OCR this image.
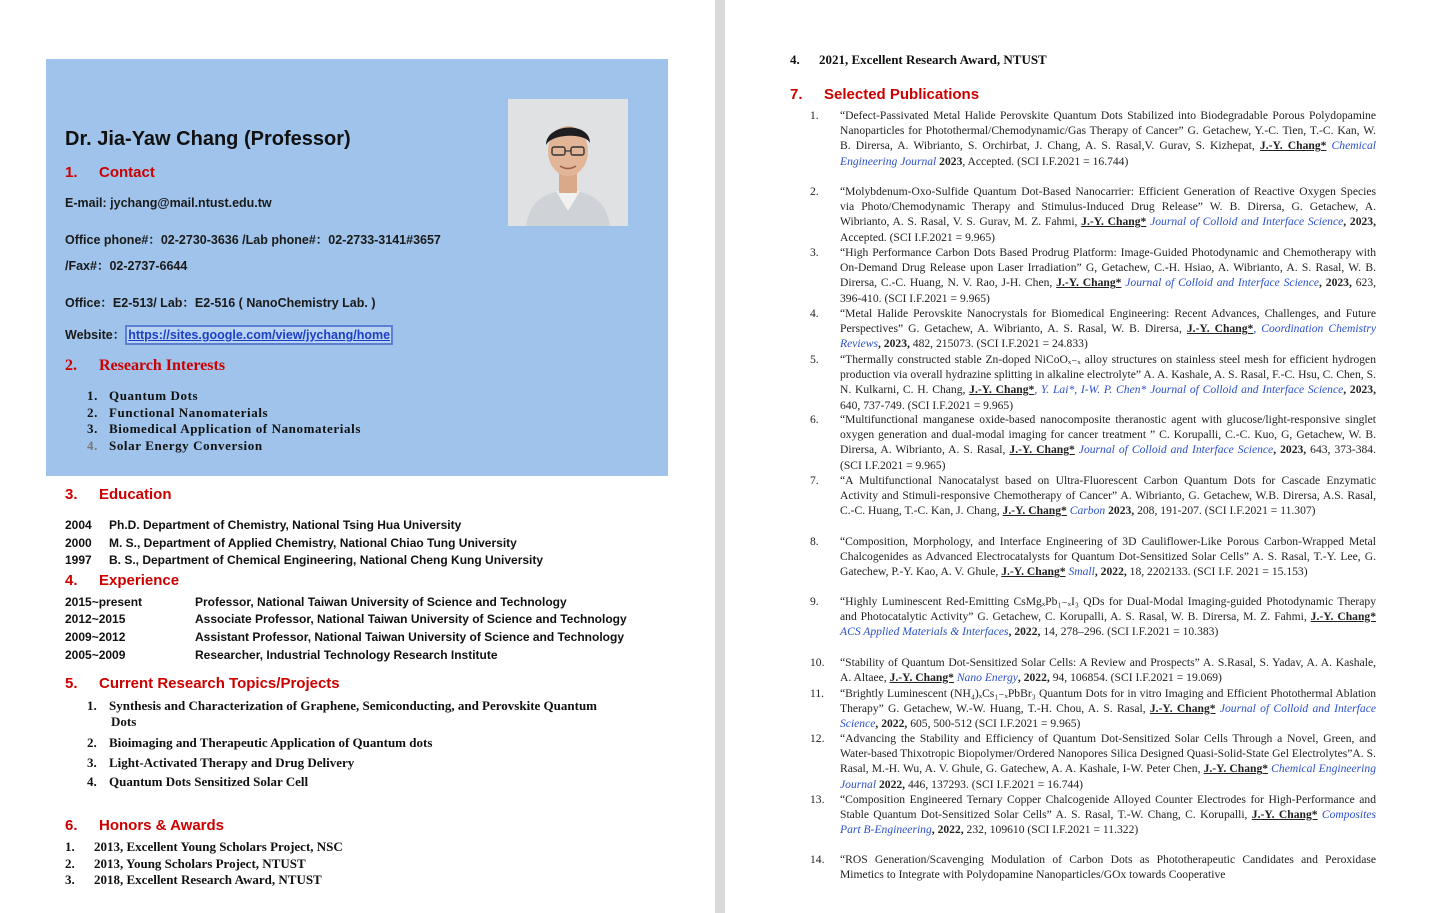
Dr. Jia-Yaw Chang (Professor)
1. Contact
E-mail: jychang@mail.ntust.edu.tw
Office phone#：02-2730-3636 /Lab phone#：02-2733-3141#3657
/Fax#：02-2737-6644
Office：E2-513/ Lab：E2-516 ( NanoChemistry Lab. )
Website： https://sites.google.com/view/jychang/home
2. Research Interests
1. Quantum Dots
2. Functional Nanomaterials
3. Biomedical Application of Nanomaterials
4. Solar Energy Conversion
3. Education
2004 Ph.D. Department of Chemistry, National Tsing Hua University
2000 M. S., Department of Applied Chemistry, National Chiao Tung University
1997 B. S., Department of Chemical Engineering, National Cheng Kung University
4. Experience
2015~present	Professor, National Taiwan University of Science and Technology
2012~2015	Associate Professor, National Taiwan University of Science and Technology
2009~2012	Assistant Professor, National Taiwan University of Science and Technology
2005~2009	Researcher, Industrial Technology Research Institute
5. Current Research Topics/Projects
1. Synthesis and Characterization of Graphene, Semiconducting, and Perovskite Quantum
Dots
2. Bioimaging and Therapeutic Application of Quantum dots
3. Light-Activated Therapy and Drug Delivery
4. Quantum Dots Sensitized Solar Cell
6. Honors & Awards
1. 2013, Excellent Young Scholars Project, NSC
2. 2013, Young Scholars Project, NTUST
3. 2018, Excellent Research Award, NTUST
4. 2021, Excellent Research Award, NTUST
7. Selected Publications
1.	“Defect-Passivated Metal Halide Perovskite Quantum Dots Stabilized into Biodegradable Porous Polydopamine Nanoparticles for Photothermal/Chemodynamic/Gas Therapy of Cancer” G. Getachew, Y.-C. Tien, T.-C. Kan, W. B. Dirersa, A. Wibrianto, S. Orchirbat, J. Chang, A. S. Rasal,V. Gurav, S. Kizhepat, J.-Y. Chang* Chemical Engineering Journal 2023, Accepted. (SCI I.F.2021 = 16.744)
2.	“Molybdenum-Oxo-Sulfide Quantum Dot-Based Nanocarrier: Efficient Generation of Reactive Oxygen Species via Photo/Chemodynamic Therapy and Stimulus-Induced Drug Release” W. B. Dirersa, G. Getachew, A. Wibrianto, A. S. Rasal, V. S. Gurav, M. Z. Fahmi, J.-Y. Chang* Journal of Colloid and Interface Science, 2023, Accepted. (SCI I.F.2021 = 9.965)
3.	“High Performance Carbon Dots Based Prodrug Platform: Image-Guided Photodynamic and Chemotherapy with On-Demand Drug Release upon Laser Irradiation” G, Getachew, C.-H. Hsiao, A. Wibrianto, A. S. Rasal, W. B. Dirersa, C.-C. Huang, N. V. Rao, J-H. Chen, J.-Y. Chang* Journal of Colloid and Interface Science, 2023, 623, 396-410. (SCI I.F.2021 = 9.965)
4.	“Metal Halide Perovskite Nanocrystals for Biomedical Engineering: Recent Advances, Challenges, and Future Perspectives” G. Getachew, A. Wibrianto, A. S. Rasal, W. B. Dirersa, J.-Y. Chang*, Coordination Chemistry Reviews, 2023, 482, 215073. (SCI I.F.2021 = 24.833)
5.	“Thermally constructed stable Zn-doped NiCoOₓ₋ₓ alloy structures on stainless steel mesh for efficient hydrogen production via overall hydrazine splitting in alkaline electrolyte” A. A. Kashale, A. S. Rasal, F.-C. Hsu, C. Chen, S. N. Kulkarni, C. H. Chang, J.-Y. Chang*, Y. Lai*, I-W. P. Chen* Journal of Colloid and Interface Science, 2023, 640, 737-749. (SCI I.F.2021 = 9.965)
6.	“Multifunctional manganese oxide-based nanocomposite theranostic agent with glucose/light-responsive singlet oxygen generation and dual-modal imaging for cancer treatment ” C. Korupalli, C.-C. Kuo, G, Getachew, W. B. Dirersa, A. Wibrianto, A. S. Rasal, J.-Y. Chang* Journal of Colloid and Interface Science, 2023, 643, 373-384. (SCI I.F.2021 = 9.965)
7.	“A Multifunctional Nanocatalyst based on Ultra-Fluorescent Carbon Quantum Dots for Cascade Enzymatic Activity and Stimuli-responsive Chemotherapy of Cancer” A. Wibrianto, G. Getachew, W.B. Dirersa, A.S. Rasal, C.-C. Huang, T.-C. Kan, J. Chang, J.-Y. Chang* Carbon 2023, 208, 191-207. (SCI I.F.2021 = 11.307)
8.	“Composition, Morphology, and Interface Engineering of 3D Cauliflower-Like Porous Carbon-Wrapped Metal Chalcogenides as Advanced Electrocatalysts for Quantum Dot-Sensitized Solar Cells” A. S. Rasal, T.-Y. Lee, G. Gatechew, P.-Y. Kao, A. V. Ghule, J.-Y. Chang* Small, 2022, 18, 2202133. (SCI I.F. 2021 = 15.153)
9.	“Highly Luminescent Red-Emitting CsMgₓPb₁₋ₓI₃ QDs for Dual-Modal Imaging-guided Photodynamic Therapy and Photocatalytic Activity” G. Getachew, C. Korupalli, A. S. Rasal, W. B. Dirersa, M. Z. Fahmi, J.-Y. Chang* ACS Applied Materials & Interfaces, 2022, 14, 278–296. (SCI I.F.2021 = 10.383)
10.	“Stability of Quantum Dot-Sensitized Solar Cells: A Review and Prospects” A. S.Rasal, S. Yadav, A. A. Kashale, A. Altaee, J.-Y. Chang* Nano Energy, 2022, 94, 106854. (SCI I.F.2021 = 19.069)
11.	“Brightly Luminescent (NH₄)ₓCs₁₋ₓPbBr₃ Quantum Dots for in vitro Imaging and Efficient Photothermal Ablation Therapy” G. Getachew, W.-W. Huang, T.-H. Chou, A. S. Rasal, J.-Y. Chang* Journal of Colloid and Interface Science, 2022, 605, 500-512 (SCI I.F.2021 = 9.965)
12.	“Advancing the Stability and Efficiency of Quantum Dot-Sensitized Solar Cells Through a Novel, Green, and Water-based Thixotropic Biopolymer/Ordered Nanopores Silica Designed Quasi-Solid-State Gel Electrolytes”A. S. Rasal, M.-H. Wu, A. V. Ghule, G. Gatechew, A. A. Kashale, I-W. Peter Chen, J.-Y. Chang* Chemical Engineering Journal 2022, 446, 137293. (SCI I.F.2021 = 16.744)
13.	“Composition Engineered Ternary Copper Chalcogenide Alloyed Counter Electrodes for High-Performance and Stable Quantum Dot-Sensitized Solar Cells” A. S. Rasal, T.-W. Chang, C. Korupalli, J.-Y. Chang* Composites Part B-Engineering, 2022, 232, 109610 (SCI I.F.2021 = 11.322)
14.	“ROS Generation/Scavenging Modulation of Carbon Dots as Phototherapeutic Candidates and Peroxidase Mimetics to Integrate with Polydopamine Nanoparticles/GOx towards Cooperative
